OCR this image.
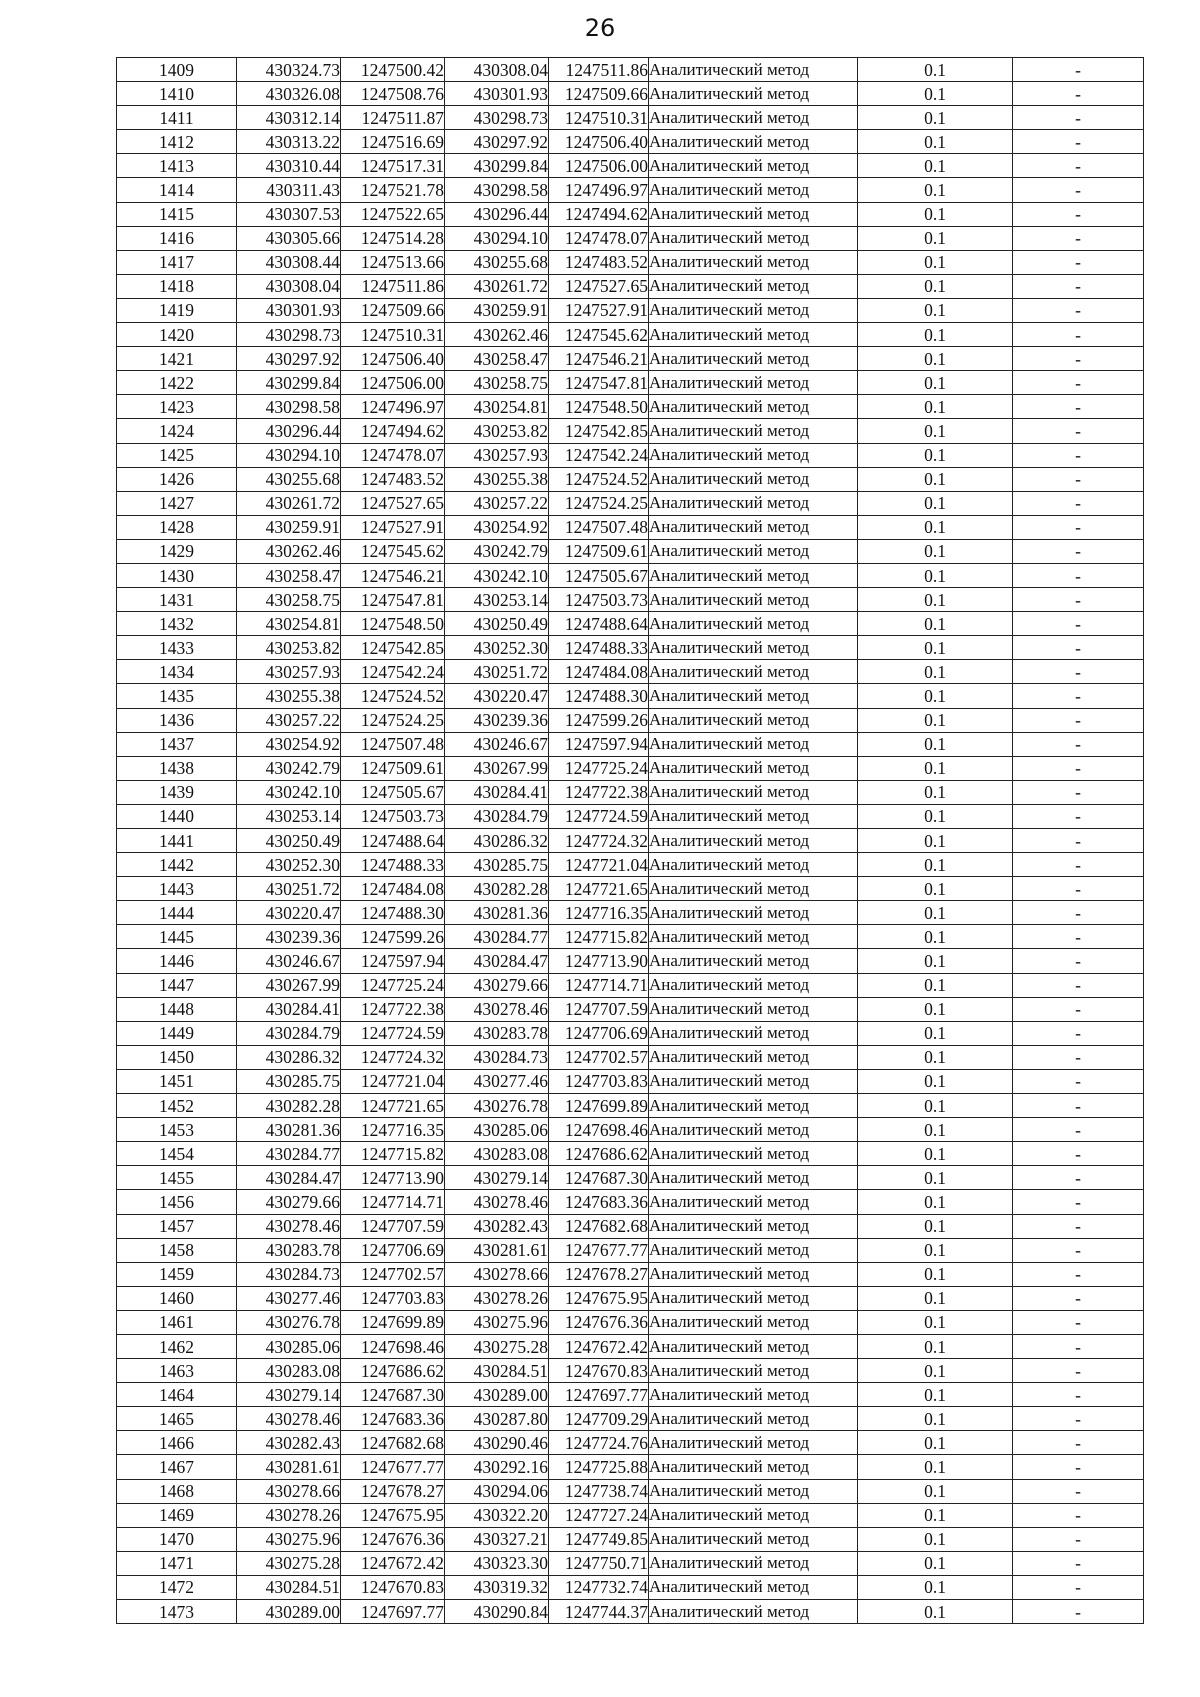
26
1409	430324.73	1247500.42	430308.04	1247511.86	Аналитический метод	0.1	-
1410	430326.08	1247508.76	430301.93	1247509.66	Аналитический метод	0.1	-
1411	430312.14	1247511.87	430298.73	1247510.31	Аналитический метод	0.1	-
1412	430313.22	1247516.69	430297.92	1247506.40	Аналитический метод	0.1	-
1413	430310.44	1247517.31	430299.84	1247506.00	Аналитический метод	0.1	-
1414	430311.43	1247521.78	430298.58	1247496.97	Аналитический метод	0.1	-
1415	430307.53	1247522.65	430296.44	1247494.62	Аналитический метод	0.1	-
1416	430305.66	1247514.28	430294.10	1247478.07	Аналитический метод	0.1	-
1417	430308.44	1247513.66	430255.68	1247483.52	Аналитический метод	0.1	-
1418	430308.04	1247511.86	430261.72	1247527.65	Аналитический метод	0.1	-
1419	430301.93	1247509.66	430259.91	1247527.91	Аналитический метод	0.1	-
1420	430298.73	1247510.31	430262.46	1247545.62	Аналитический метод	0.1	-
1421	430297.92	1247506.40	430258.47	1247546.21	Аналитический метод	0.1	-
1422	430299.84	1247506.00	430258.75	1247547.81	Аналитический метод	0.1	-
1423	430298.58	1247496.97	430254.81	1247548.50	Аналитический метод	0.1	-
1424	430296.44	1247494.62	430253.82	1247542.85	Аналитический метод	0.1	-
1425	430294.10	1247478.07	430257.93	1247542.24	Аналитический метод	0.1	-
1426	430255.68	1247483.52	430255.38	1247524.52	Аналитический метод	0.1	-
1427	430261.72	1247527.65	430257.22	1247524.25	Аналитический метод	0.1	-
1428	430259.91	1247527.91	430254.92	1247507.48	Аналитический метод	0.1	-
1429	430262.46	1247545.62	430242.79	1247509.61	Аналитический метод	0.1	-
1430	430258.47	1247546.21	430242.10	1247505.67	Аналитический метод	0.1	-
1431	430258.75	1247547.81	430253.14	1247503.73	Аналитический метод	0.1	-
1432	430254.81	1247548.50	430250.49	1247488.64	Аналитический метод	0.1	-
1433	430253.82	1247542.85	430252.30	1247488.33	Аналитический метод	0.1	-
1434	430257.93	1247542.24	430251.72	1247484.08	Аналитический метод	0.1	-
1435	430255.38	1247524.52	430220.47	1247488.30	Аналитический метод	0.1	-
1436	430257.22	1247524.25	430239.36	1247599.26	Аналитический метод	0.1	-
1437	430254.92	1247507.48	430246.67	1247597.94	Аналитический метод	0.1	-
1438	430242.79	1247509.61	430267.99	1247725.24	Аналитический метод	0.1	-
1439	430242.10	1247505.67	430284.41	1247722.38	Аналитический метод	0.1	-
1440	430253.14	1247503.73	430284.79	1247724.59	Аналитический метод	0.1	-
1441	430250.49	1247488.64	430286.32	1247724.32	Аналитический метод	0.1	-
1442	430252.30	1247488.33	430285.75	1247721.04	Аналитический метод	0.1	-
1443	430251.72	1247484.08	430282.28	1247721.65	Аналитический метод	0.1	-
1444	430220.47	1247488.30	430281.36	1247716.35	Аналитический метод	0.1	-
1445	430239.36	1247599.26	430284.77	1247715.82	Аналитический метод	0.1	-
1446	430246.67	1247597.94	430284.47	1247713.90	Аналитический метод	0.1	-
1447	430267.99	1247725.24	430279.66	1247714.71	Аналитический метод	0.1	-
1448	430284.41	1247722.38	430278.46	1247707.59	Аналитический метод	0.1	-
1449	430284.79	1247724.59	430283.78	1247706.69	Аналитический метод	0.1	-
1450	430286.32	1247724.32	430284.73	1247702.57	Аналитический метод	0.1	-
1451	430285.75	1247721.04	430277.46	1247703.83	Аналитический метод	0.1	-
1452	430282.28	1247721.65	430276.78	1247699.89	Аналитический метод	0.1	-
1453	430281.36	1247716.35	430285.06	1247698.46	Аналитический метод	0.1	-
1454	430284.77	1247715.82	430283.08	1247686.62	Аналитический метод	0.1	-
1455	430284.47	1247713.90	430279.14	1247687.30	Аналитический метод	0.1	-
1456	430279.66	1247714.71	430278.46	1247683.36	Аналитический метод	0.1	-
1457	430278.46	1247707.59	430282.43	1247682.68	Аналитический метод	0.1	-
1458	430283.78	1247706.69	430281.61	1247677.77	Аналитический метод	0.1	-
1459	430284.73	1247702.57	430278.66	1247678.27	Аналитический метод	0.1	-
1460	430277.46	1247703.83	430278.26	1247675.95	Аналитический метод	0.1	-
1461	430276.78	1247699.89	430275.96	1247676.36	Аналитический метод	0.1	-
1462	430285.06	1247698.46	430275.28	1247672.42	Аналитический метод	0.1	-
1463	430283.08	1247686.62	430284.51	1247670.83	Аналитический метод	0.1	-
1464	430279.14	1247687.30	430289.00	1247697.77	Аналитический метод	0.1	-
1465	430278.46	1247683.36	430287.80	1247709.29	Аналитический метод	0.1	-
1466	430282.43	1247682.68	430290.46	1247724.76	Аналитический метод	0.1	-
1467	430281.61	1247677.77	430292.16	1247725.88	Аналитический метод	0.1	-
1468	430278.66	1247678.27	430294.06	1247738.74	Аналитический метод	0.1	-
1469	430278.26	1247675.95	430322.20	1247727.24	Аналитический метод	0.1	-
1470	430275.96	1247676.36	430327.21	1247749.85	Аналитический метод	0.1	-
1471	430275.28	1247672.42	430323.30	1247750.71	Аналитический метод	0.1	-
1472	430284.51	1247670.83	430319.32	1247732.74	Аналитический метод	0.1	-
1473	430289.00	1247697.77	430290.84	1247744.37	Аналитический метод	0.1	-
